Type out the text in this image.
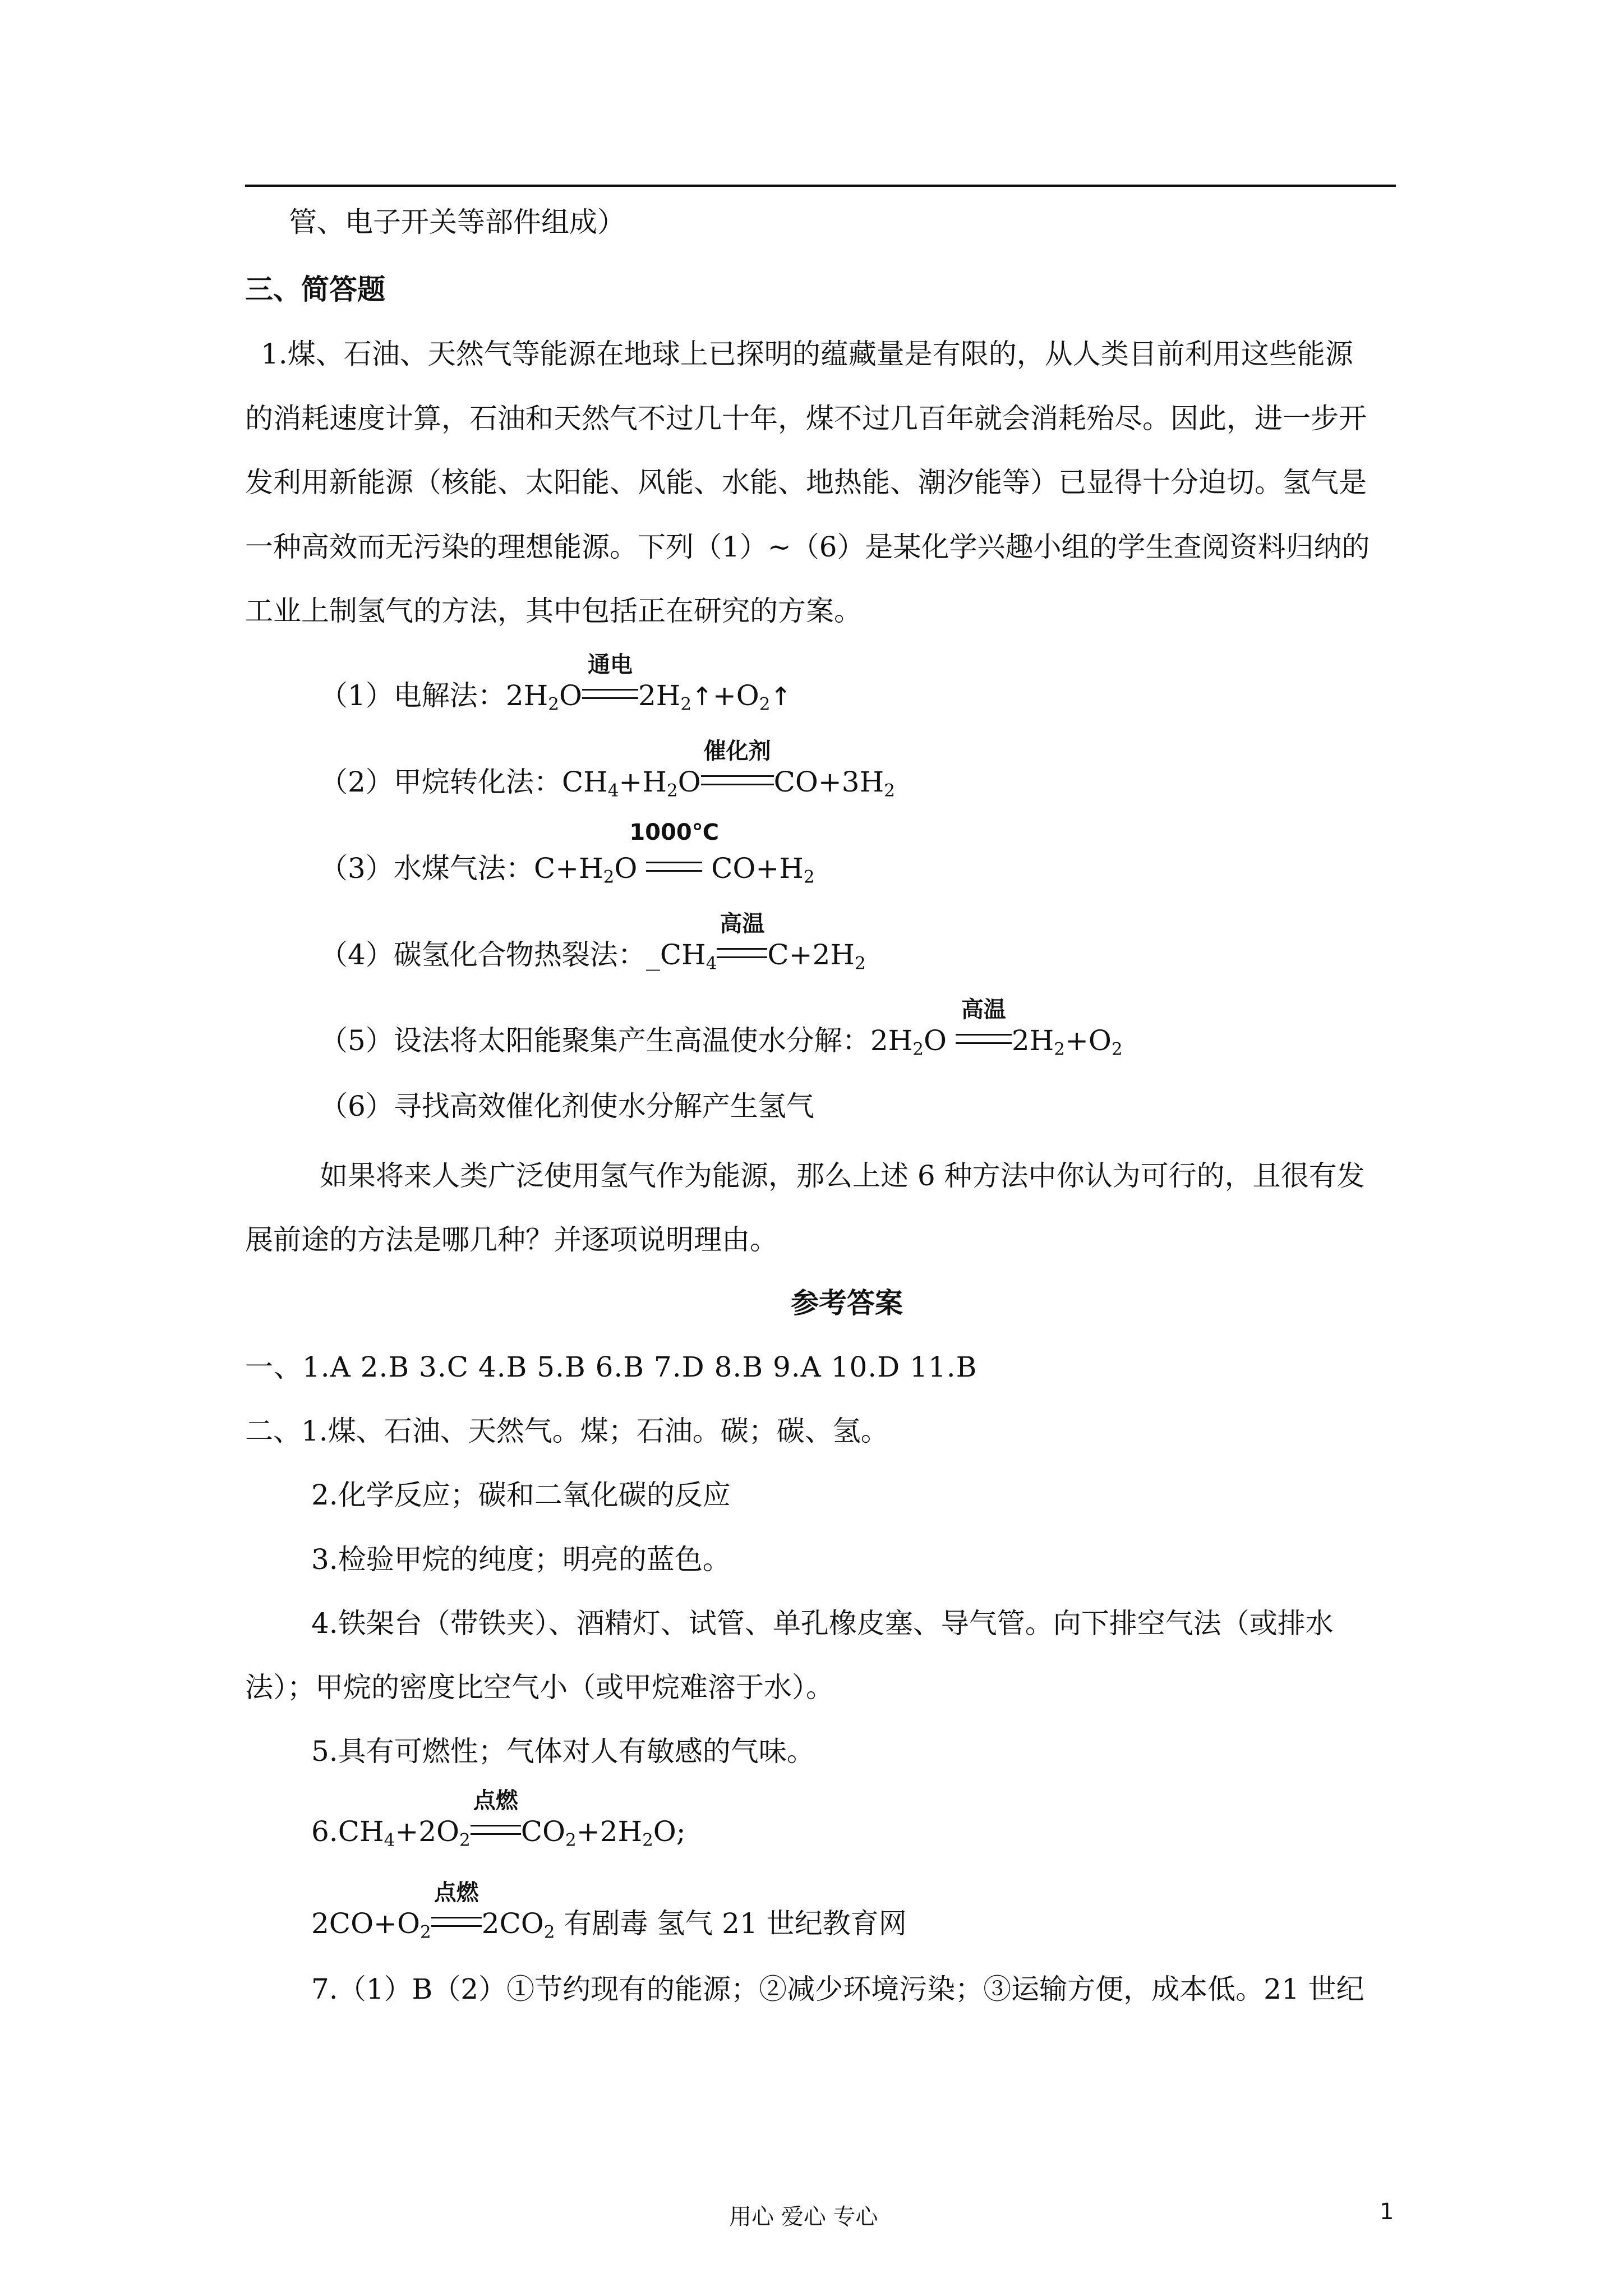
管、电子开关等部件组成）
三、简答题
1.煤、石油、天然气等能源在地球上已探明的蕴藏量是有限的，从人类目前利用这些能源
的消耗速度计算，石油和天然气不过几十年，煤不过几百年就会消耗殆尽。因此，进一步开
发利用新能源（核能、太阳能、风能、水能、地热能、潮汐能等）已显得十分迫切。氢气是
一种高效而无污染的理想能源。下列（1）~（6）是某化学兴趣小组的学生查阅资料归纳的
工业上制氢气的方法，其中包括正在研究的方案。
（1）电解法：$2H_2O$
通电
$2H_2↑+O_2↑$
（2）甲烷转化法：$CH_4+H_2O$
催化剂
$CO+3H_2$
（3）水煤气法：$C+H_2O$
1000℃
$CO+H_2$
（4）碳氢化合物热裂法：$\_CH_4$
高温
$C+2H_2$
（5）设法将太阳能聚集产生高温使水分解：$2H_2O$
高温
$2H_2+O_2$
（6）寻找高效催化剂使水分解产生氢气
如果将来人类广泛使用氢气作为能源，那么上述 6 种方法中你认为可行的，且很有发
展前途的方法是哪几种？并逐项说明理由。
参考答案
一、1.A 2.B 3.C 4.B 5.B 6.B 7.D 8.B 9.A 10.D 11.B
二、1.煤、石油、天然气。煤；石油。碳；碳、氢。
2.化学反应；碳和二氧化碳的反应
3.检验甲烷的纯度；明亮的蓝色。
4.铁架台（带铁夹）、酒精灯、试管、单孔橡皮塞、导气管。向下排空气法（或排水
法）；甲烷的密度比空气小（或甲烷难溶于水）。
5.具有可燃性；气体对人有敏感的气味。
$6.CH_4+2O_2$
点燃
$CO_2+2H_2O$;
$2CO+O_2$
点燃
$2CO_2$ 有剧毒 氢气 21 世纪教育网
7.（1）B（2）①节约现有的能源；②减少环境污染；③运输方便，成本低。21 世纪
用心 爱心 专心	1
